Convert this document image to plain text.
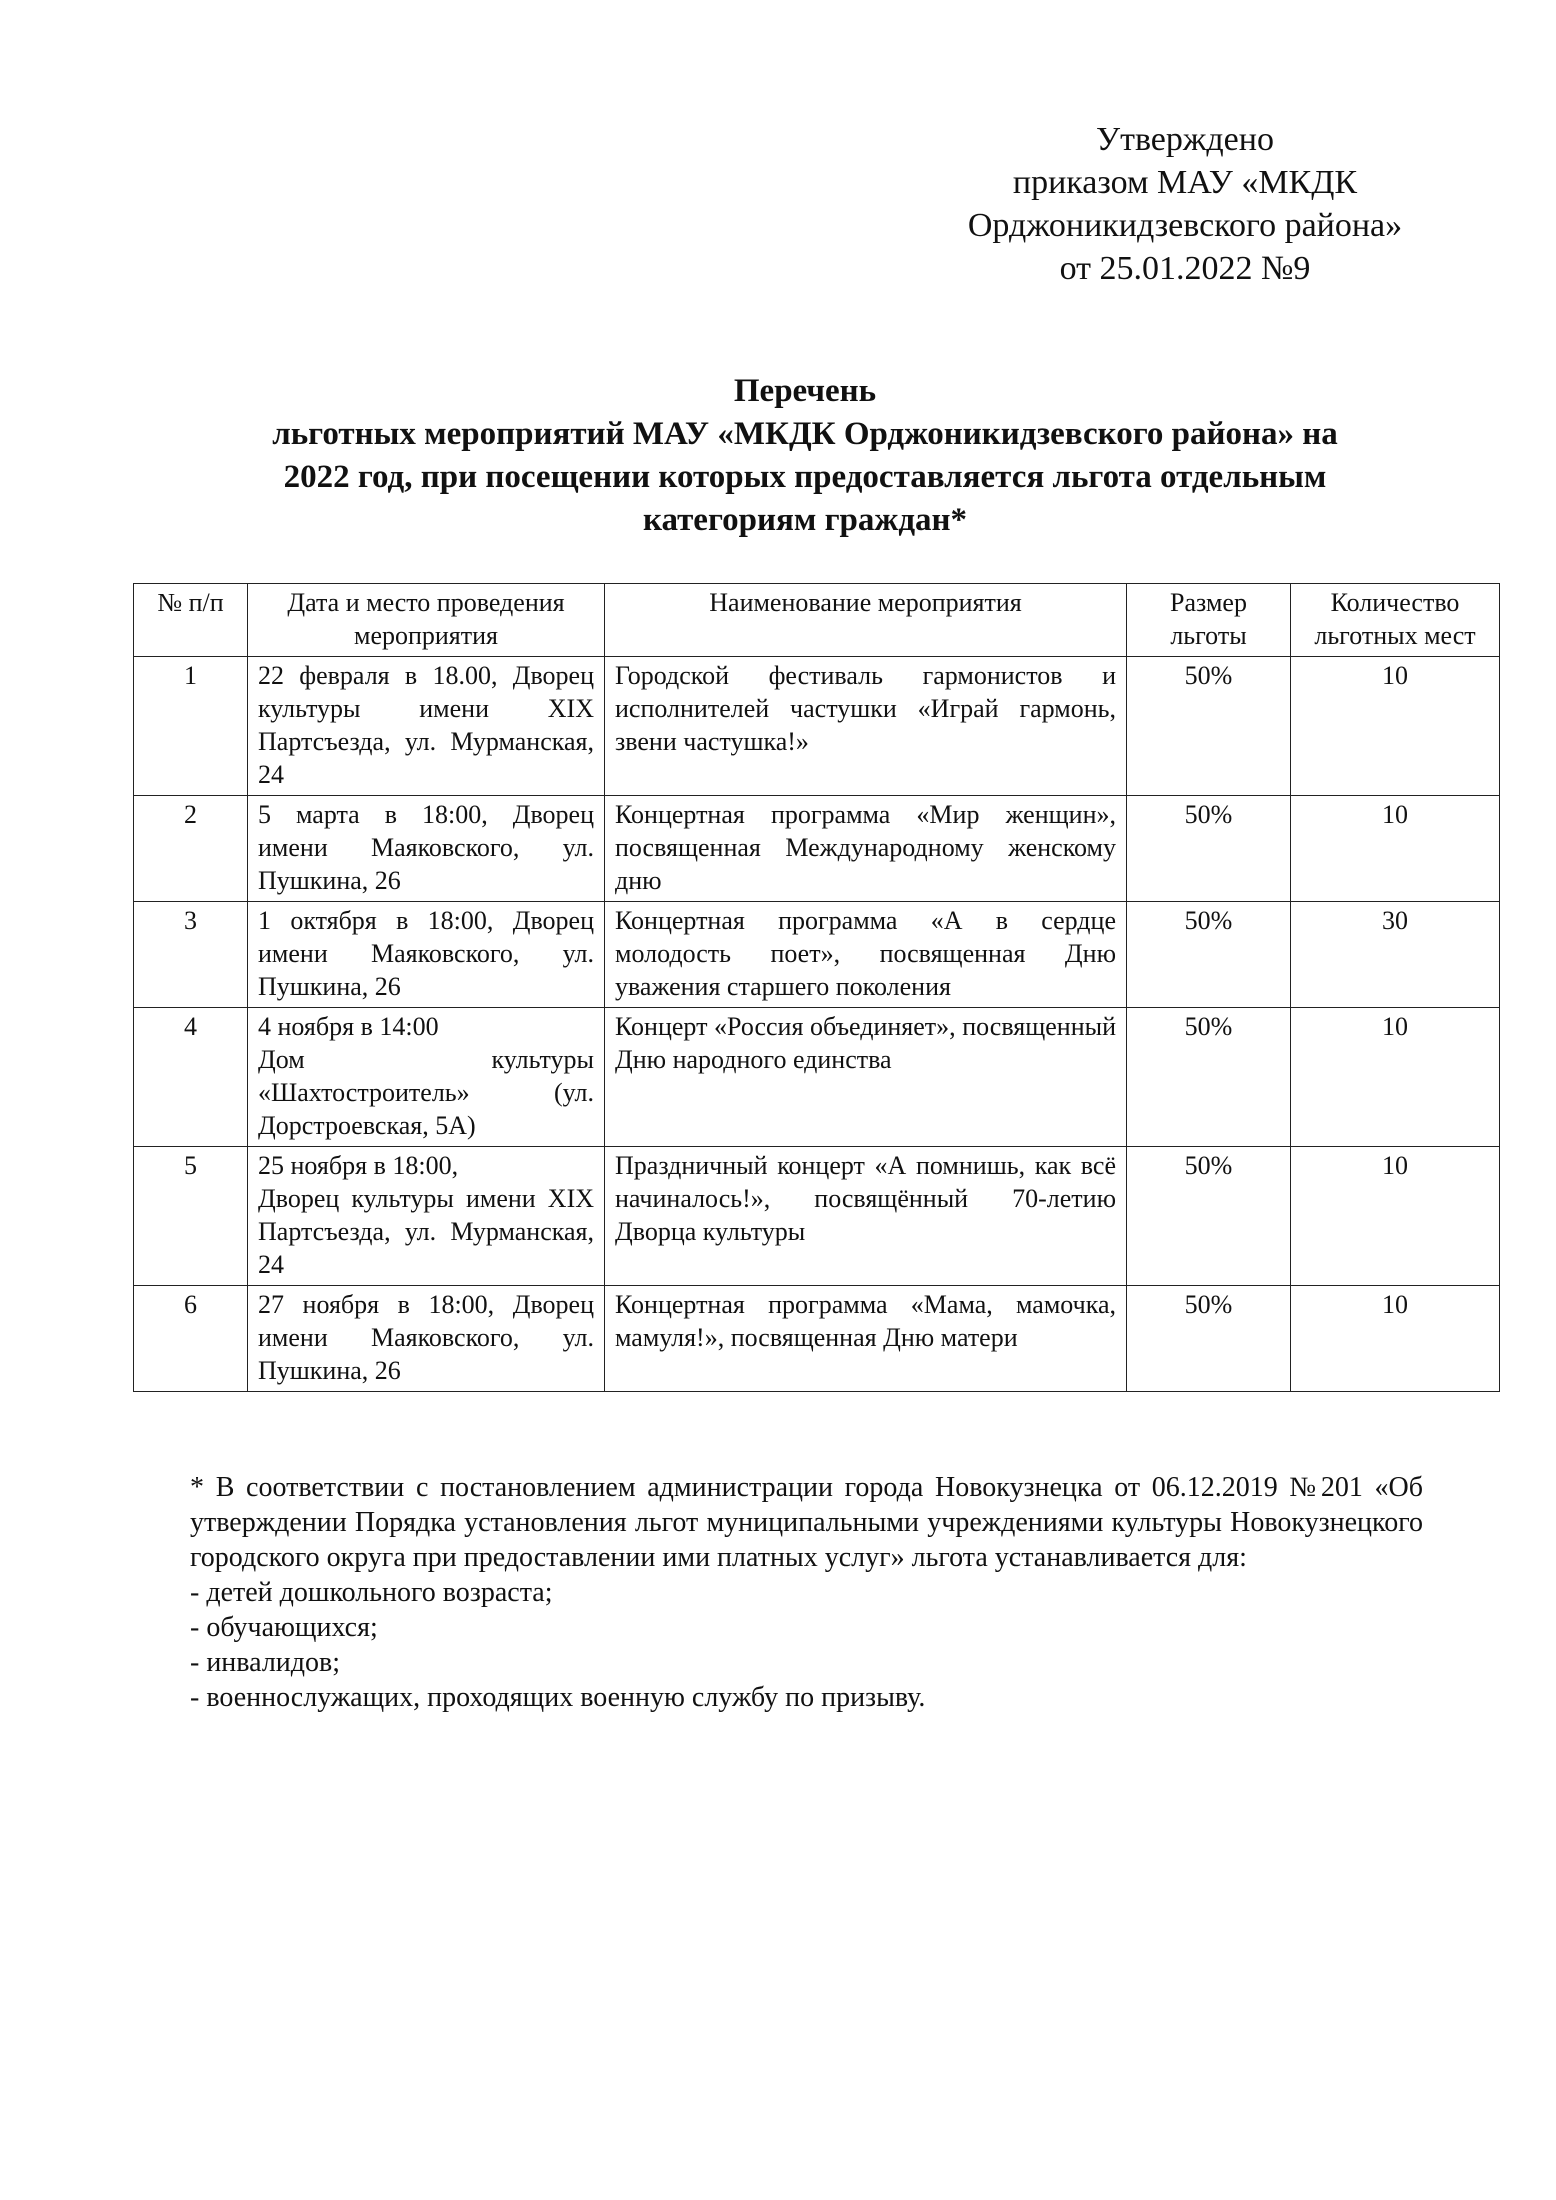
Утверждено
приказом МАУ «МКДК
Орджоникидзевского района»
от 25.01.2022 №9
Перечень
льготных мероприятий МАУ «МКДК Орджоникидзевского района» на
2022 год, при посещении которых предоставляется льгота отдельным
категориям граждан*
№ п/п	Дата и место проведения мероприятия	Наименование мероприятия	Размер льготы	Количество льготных мест
1	22 февраля в 18.00, Дворец культуры имени XIX Партсъезда, ул. Мурманская, 24	Городской фестиваль гармонистов и исполнителей частушки «Играй гармонь, звени частушка!»	50%	10
2	5 марта в 18:00, Дворец имени Маяковского, ул. Пушкина, 26	Концертная программа «Мир женщин», посвященная Международному женскому дню	50%	10
3	1 октября в 18:00, Дворец имени Маяковского, ул. Пушкина, 26	Концертная программа «А в сердце молодость поет», посвященная Дню уважения старшего поколения	50%	30
4	4 ноября в 14:00
Дом культуры «Шахтостроитель» (ул. Дорстроевская, 5А)	Концерт «Россия объединяет», посвященный Дню народного единства	50%	10
5	25 ноября в 18:00,
Дворец культуры имени XIX Партсъезда, ул. Мурманская, 24	Праздничный концерт «А помнишь, как всё начиналось!», посвящённый 70-летию Дворца культуры	50%	10
6	27 ноября в 18:00, Дворец имени Маяковского, ул. Пушкина, 26	Концертная программа «Мама, мамочка, мамуля!», посвященная Дню матери	50%	10

* В соответствии с постановлением администрации города Новокузнецка от 06.12.2019 №201 «Об утверждении Порядка установления льгот муниципальными учреждениями культуры Новокузнецкого городского округа при предоставлении ими платных услуг» льгота устанавливается для:

- детей дошкольного возраста;
- обучающихся;
- инвалидов;
- военнослужащих, проходящих военную службу по призыву.
